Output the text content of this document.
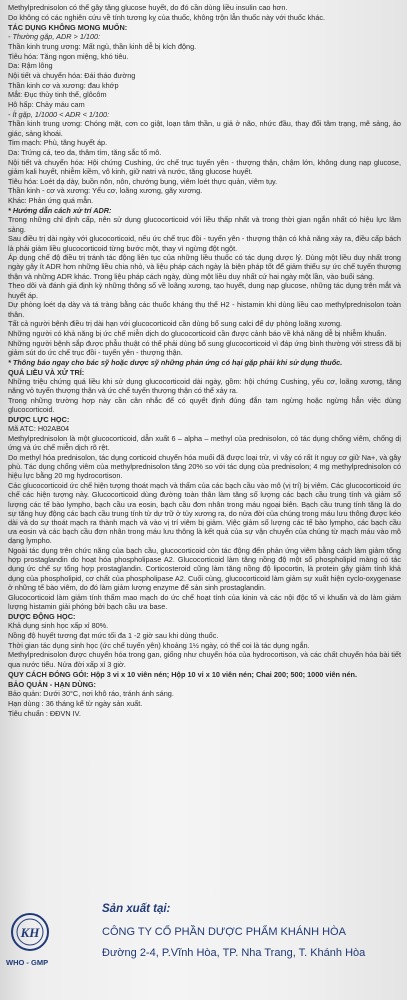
Methylprednisolon có thể gây tăng glucose huyết, do đó cần dùng liều insulin cao hơn.
Do không có các nghiên cứu về tính tương kỵ của thuốc, không trộn lẫn thuốc này với thuốc khác.
TÁC DỤNG KHÔNG MONG MUỐN:
- Thường gặp, ADR > 1/100:
Thần kinh trung ương: Mất ngủ, thần kinh dễ bị kích động.
Tiêu hóa: Tăng ngon miệng, khó tiêu.
Da: Rậm lông
Nội tiết và chuyển hóa: Đái tháo đường
Thần kinh cơ và xương: đau khớp
Mắt: Đục thủy tinh thể, glôcôm
Hô hấp: Chảy máu cam
- Ít gặp, 1/1000 < ADR < 1/100:
Thần kinh trung ương: Chóng mặt, cơn co giật, loạn tâm thần, u giả ở não, nhức đầu, thay đổi tâm trạng, mê sảng, ảo giác, sảng khoái.
Tim mạch: Phù, tăng huyết áp.
Da: Trứng cá, teo da, thâm tím, tăng sắc tố mô.
Nội tiết và chuyển hóa: Hội chứng Cushing, ức chế trục tuyến yên - thượng thận, chậm lớn, không dung nạp glucose, giảm kali huyết, nhiễm kiềm, vô kinh, giữ natri và nước, tăng glucose huyết.
Tiêu hóa: Loét dạ dày, buồn nôn, nôn, chướng bụng, viêm loét thực quản, viêm tụy.
Thần kinh - cơ và xương: Yếu cơ, loãng xương, gãy xương.
Khác: Phản ứng quá mẫn.
* Hướng dẫn cách xử trí ADR:
Trong những chỉ định cấp, nên sử dụng glucocorticoid với liều thấp nhất và trong thời gian ngắn nhất có hiệu lực lâm sàng.
Sau điều trị dài ngày với glucocorticoid, nếu ức chế trục đồi - tuyến yên - thượng thận có khả năng xảy ra, điều cấp bách là phải giảm liều glucocorticoid từng bước một, thay vì ngừng đột ngột.
Áp dụng chế độ điều trị tránh tác động liên tục của những liều thuốc có tác dụng dược lý. Dùng một liều duy nhất trong ngày gây ít ADR hơn những liều chia nhỏ, và liệu pháp cách ngày là biện pháp tốt để giảm thiểu sự ức chế tuyến thượng thận và những ADR khác. Trong liệu pháp cách ngày, dùng một liều duy nhất cứ hai ngày một lần, vào buổi sáng.
Theo dõi và đánh giá định kỳ những thông số về loãng xương, tạo huyết, dung nạp glucose, những tác dụng trên mắt và huyết áp.
Dự phòng loét dạ dày và tá tràng bằng các thuốc kháng thụ thể H2 - histamin khi dùng liều cao methylprednisolon toàn thân.
Tất cả người bệnh điều trị dài hạn với glucocorticoid cần dùng bổ sung calci để dự phòng loãng xương.
Những người có khả năng bị ức chế miễn dịch do glucocorticoid cần được cảnh báo về khả năng dễ bị nhiễm khuẩn.
Những người bệnh sắp được phẫu thuật có thể phải dùng bổ sung glucocorticoid vì đáp ứng bình thường với stress đã bị giảm sút do ức chế trục đồi - tuyến yên - thượng thận.
* Thông báo ngay cho bác sỹ hoặc dược sỹ những phản ứng có hại gặp phải khi sử dụng thuốc.
QUÁ LIỀU VÀ XỬ TRÍ:
Những triệu chứng quá liều khi sử dụng glucocorticoid dài ngày, gồm: hội chứng Cushing, yếu cơ, loãng xương, tăng năng vỏ tuyến thượng thận và ức chế tuyến thượng thận có thể xảy ra.
Trong những trường hợp này cần cân nhắc để có quyết định đúng đắn tạm ngừng hoặc ngừng hẳn việc dùng glucocorticoid.
DƯỢC LỰC HỌC:
Mã ATC: H02AB04
Methylprednisolon là một glucocorticoid, dẫn xuất 6 – alpha – methyl của prednisolon, có tác dụng chống viêm, chống dị ứng và ức chế miễn dịch rõ rệt.
Do methyl hóa prednisolon, tác dụng corticoid chuyển hóa muối đã được loại trừ, vì vậy có rất ít nguy cơ giữ Na+, và gây phù. Tác dụng chống viêm của methylprednisolon tăng 20% so với tác dụng của prednisolon; 4 mg methylprednisolon có hiệu lực bằng 20 mg hydrocortison.
Các glucocorticoid ức chế hiện tượng thoát mạch và thấm của các bạch cầu vào mô (vị trí) bị viêm. Các glucocorticoid ức chế các hiện tượng này. Glucocorticoid dùng đường toàn thân làm tăng số lượng các bạch cầu trung tính và giảm số lượng các tế bào lympho, bạch cầu ưa eosin, bạch cầu đơn nhân trong máu ngoại biên. Bạch cầu trung tính tăng là do sự tăng huy động các bạch cầu trung tính từ dự trữ ở tủy xương ra, do nửa đời của chúng trong máu lưu thông được kéo dài và do sự thoát mạch ra thành mạch và vào vị trí viêm bị giảm. Việc giảm số lượng các tế bào lympho, các bạch cầu ưa eosin và các bạch cầu đơn nhân trong máu lưu thông là kết quả của sự vận chuyển của chúng từ mạch máu vào mô dạng lympho.
Ngoài tác dụng trên chức năng của bạch cầu, glucocorticoid còn tác động đến phản ứng viêm bằng cách làm giảm tổng hợp prostaglandin do hoạt hóa phospholipase A2. Glucocorticoid làm tăng nồng độ một số phospholipid màng có tác dụng ức chế sự tổng hợp prostaglandin. Corticosteroid cũng làm tăng nồng độ lipocortin, là protein gây giảm tính khả dụng của phospholipid, cơ chất của phospholipase A2. Cuối cùng, glucocorticoid làm giảm sự xuất hiện cyclo-oxygenase ở những tế bào viêm, do đó làm giảm lượng enzyme để sản sinh prostaglandin.
Glucocorticoid làm giảm tính thấm mao mạch do ức chế hoạt tính của kinin và các nội độc tố vi khuẩn và do làm giảm lượng histamin giải phóng bởi bạch cầu ưa base.
DƯỢC ĐỘNG HỌC:
Khả dụng sinh học xấp xỉ 80%.
Nồng độ huyết tương đạt mức tối đa 1 -2 giờ sau khi dùng thuốc.
Thời gian tác dụng sinh học (ức chế tuyến yên) khoảng 1½ ngày, có thể coi là tác dụng ngắn.
Methylprednisolon được chuyển hóa trong gan, giống như chuyển hóa của hydrocortison, và các chất chuyển hóa bài tiết qua nước tiểu. Nửa đời xấp xỉ 3 giờ.
QUY CÁCH ĐÓNG GÓI: Hộp 3 vỉ x 10 viên nén; Hộp 10 vỉ x 10 viên nén; Chai 200; 500; 1000 viên nén.
BẢO QUẢN - HẠN DÙNG:
Bảo quản: Dưới 30°C, nơi khô ráo, tránh ánh sáng.
Hạn dùng : 36 tháng kể từ ngày sản xuất.
Tiêu chuẩn : ĐĐVN IV.
KH
WHO - GMP
Sản xuất tại:
CÔNG TY CỔ PHẦN DƯỢC PHẨM KHÁNH HÒA
Đường 2-4, P.Vĩnh Hòa, TP. Nha Trang, T. Khánh Hòa
